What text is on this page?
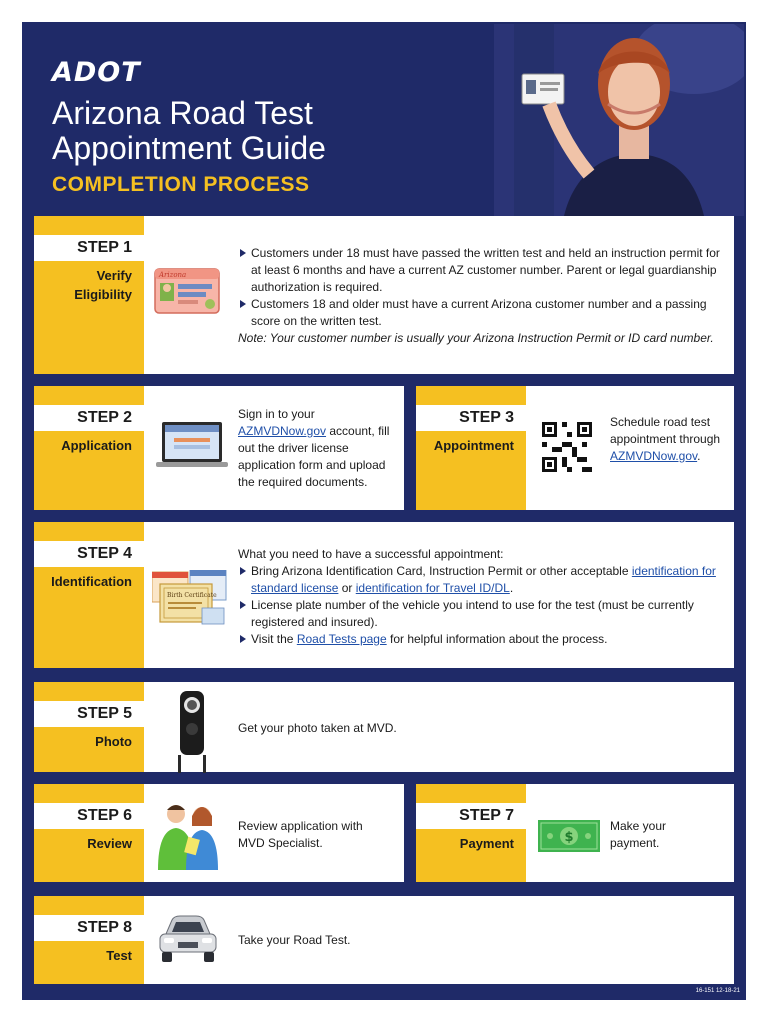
ADOT
Arizona Road Test Appointment Guide
COMPLETION PROCESS
STEP 1
Verify
Eligibility
Arizona

Customers under 18 must have passed the written test and held an instruction permit for at least 6 months and have a current AZ customer number. Parent or legal guardianship authorization is required.

Customers 18 and older must have a current Arizona customer number and a passing score on the written test.

Note: Your customer number is usually your Arizona Instruction Permit or ID card number.

STEP 2
Application

Sign in to your AZMVDNow.gov account, fill out the driver license application form and upload the required documents.

STEP 3
Appointment

Schedule road test appointment through AZMVDNow.gov.

STEP 4
Identification
Birth Certificate

What you need to have a successful appointment:

Bring Arizona Identification Card, Instruction Permit or other acceptable identification for standard license or identification for Travel ID/DL.

License plate number of the vehicle you intend to use for the test (must be currently registered and insured).

Visit the Road Tests page for helpful information about the process.

STEP 5
Photo
Get your photo taken at MVD.
STEP 6
Review
Review application with MVD Specialist.
STEP 7
Payment	$
Make your payment.
STEP 8
Test
Take your Road Test.
16-151 12-18-21
